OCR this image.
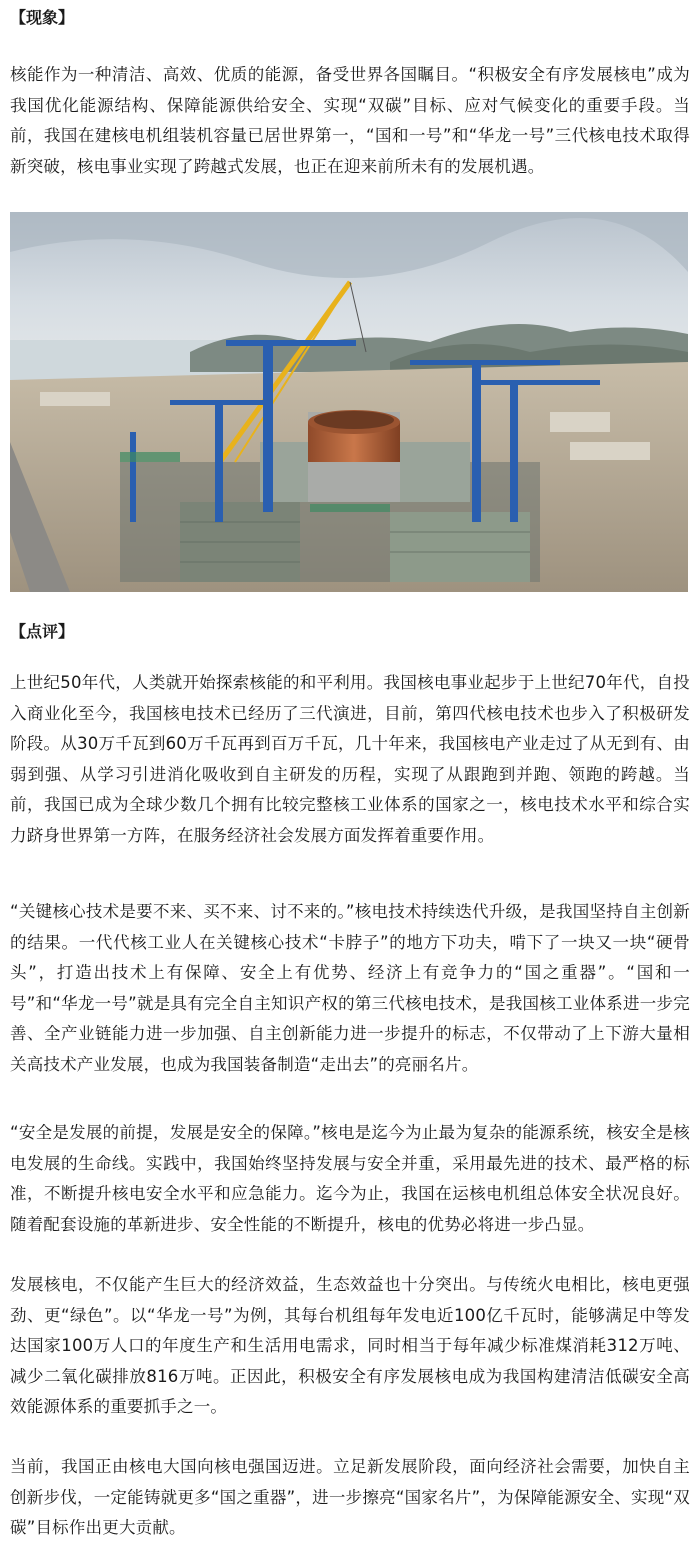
【现象】

核能作为一种清洁、高效、优质的能源，备受世界各国瞩目。“积极安全有序发展核电”成为我国优化能源结构、保障能源供给安全、实现“双碳”目标、应对气候变化的重要手段。当前，我国在建核电机组装机容量已居世界第一，“国和一号”和“华龙一号”三代核电技术取得新突破，核电事业实现了跨越式发展，也正在迎来前所未有的发展机遇。

【点评】

上世纪50年代，人类就开始探索核能的和平利用。我国核电事业起步于上世纪70年代，自投入商业化至今，我国核电技术已经历了三代演进，目前，第四代核电技术也步入了积极研发阶段。从30万千瓦到60万千瓦再到百万千瓦，几十年来，我国核电产业走过了从无到有、由弱到强、从学习引进消化吸收到自主研发的历程，实现了从跟跑到并跑、领跑的跨越。当前，我国已成为全球少数几个拥有比较完整核工业体系的国家之一，核电技术水平和综合实力跻身世界第一方阵，在服务经济社会发展方面发挥着重要作用。

“关键核心技术是要不来、买不来、讨不来的。”核电技术持续迭代升级，是我国坚持自主创新的结果。一代代核工业人在关键核心技术“卡脖子”的地方下功夫，啃下了一块又一块“硬骨头”，打造出技术上有保障、安全上有优势、经济上有竞争力的“国之重器”。“国和一号”和“华龙一号”就是具有完全自主知识产权的第三代核电技术，是我国核工业体系进一步完善、全产业链能力进一步加强、自主创新能力进一步提升的标志，不仅带动了上下游大量相关高技术产业发展，也成为我国装备制造“走出去”的亮丽名片。

“安全是发展的前提，发展是安全的保障。”核电是迄今为止最为复杂的能源系统，核安全是核电发展的生命线。实践中，我国始终坚持发展与安全并重，采用最先进的技术、最严格的标准，不断提升核电安全水平和应急能力。迄今为止，我国在运核电机组总体安全状况良好。随着配套设施的革新进步、安全性能的不断提升，核电的优势必将进一步凸显。

发展核电，不仅能产生巨大的经济效益，生态效益也十分突出。与传统火电相比，核电更强劲、更“绿色”。以“华龙一号”为例，其每台机组每年发电近100亿千瓦时，能够满足中等发达国家100万人口的年度生产和生活用电需求，同时相当于每年减少标准煤消耗312万吨、减少二氧化碳排放816万吨。正因此，积极安全有序发展核电成为我国构建清洁低碳安全高效能源体系的重要抓手之一。

当前，我国正由核电大国向核电强国迈进。立足新发展阶段，面向经济社会需要，加快自主创新步伐，一定能铸就更多“国之重器”，进一步擦亮“国家名片”，为保障能源安全、实现“双碳”目标作出更大贡献。
